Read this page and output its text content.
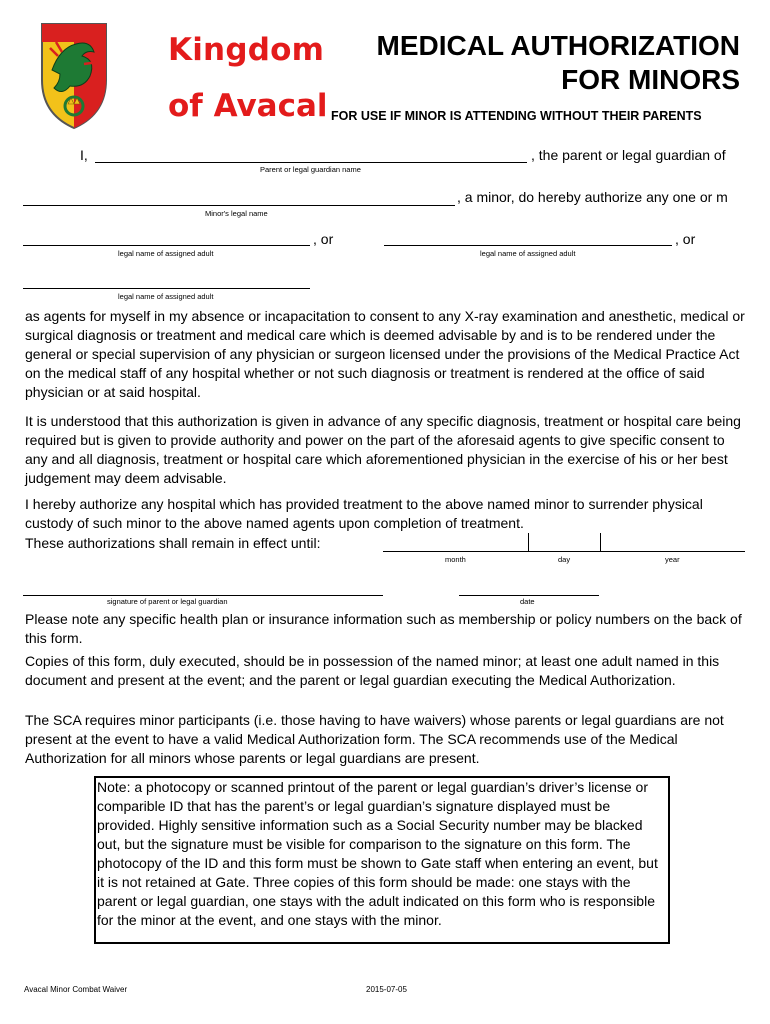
Kingdom
of Avacal
MEDICAL AUTHORIZATION
FOR MINORS
FOR USE IF MINOR IS ATTENDING WITHOUT THEIR PARENTS
I,	, the parent or legal guardian of
Parent or legal guardian name
, a minor, do hereby authorize any one or m
Minor's legal name
, or
legal name of assigned adult
, or
legal name of assigned adult
legal name of assigned adult
as agents for myself in my absence or incapacitation to consent to any X-ray examination and anesthetic, medical or surgical diagnosis or treatment and medical care which is deemed advisable by and is to be rendered under the general or special supervision of any physician or surgeon licensed under the provisions of the Medical Practice Act on the medical staff of any hospital whether or not such diagnosis or treatment is rendered at the office of said physician or at said hospital.
It is understood that this authorization is given in advance of any specific diagnosis, treatment or hospital care being required but is given to provide authority and power on the part of the aforesaid agents to give specific consent to any and all diagnosis, treatment or hospital care which aforementioned physician in the exercise of his or her best judgement may deem advisable.
I hereby authorize any hospital which has provided treatment to the above named minor to surrender physical custody of such minor to the above named agents upon completion of treatment.
These authorizations shall remain in effect until:
month	day	year
signature of parent or legal guardian	date
Please note any specific health plan or insurance information such as membership or policy numbers on the back of this form.
Copies of this form, duly executed, should be in possession of the named minor; at least one adult named in this document and present at the event; and the parent or legal guardian executing the Medical Authorization.
The SCA requires minor participants (i.e. those having to have waivers) whose parents or legal guardians are not present at the event to have a valid Medical Authorization form. The SCA recommends use of the Medical Authorization for all minors whose parents or legal guardians are present.
Note: a photocopy or scanned printout of the parent or legal guardian’s driver’s license or comparible ID that has the parent’s or legal guardian’s signature displayed must be provided. Highly sensitive information such as a Social Security number may be blacked out, but the signature must be visible for comparison to the signature on this form. The photocopy of the ID and this form must be shown to Gate staff when entering an event, but it is not retained at Gate. Three copies of this form should be made: one stays with the parent or legal guardian, one stays with the adult indicated on this form who is responsible for the minor at the event, and one stays with the minor.
Avacal Minor Combat Waiver	2015-07-05
